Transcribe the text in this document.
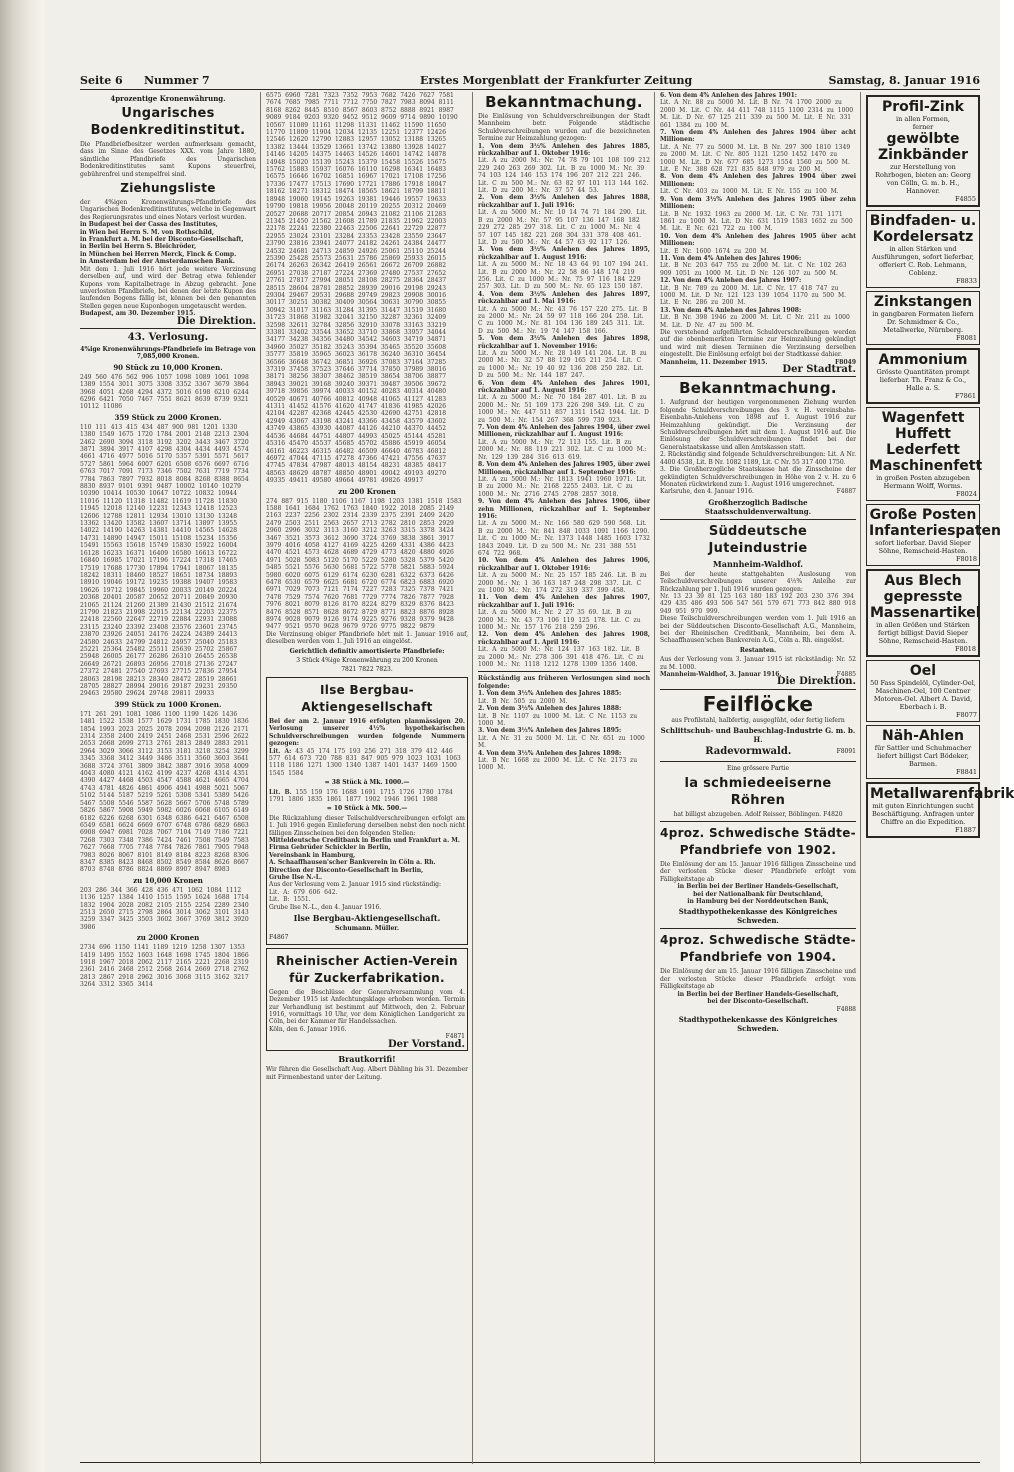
Seite 6 Nummer 7	Erstes Morgenblatt der Frankfurter Zeitung	Samstag, 8. Januar 1916
4prozentige Kronenwährung.
Ungarisches Bodenkreditinstitut.

Die Pfandbriefbesitzer werden aufmerksam gemacht, dass im Sinne des Gesetzes XXX. vom Jahre 1880, sämtliche Pfandbriefe des Ungarischen Bodenkreditinstitutes samt Kupons steuerfrei, gebührenfrei und stempelfrei sind.

Ziehungsliste

der 4%igen Kronenwährungs-Pfandbriefe des Ungarischen Bodenkreditinstitutes, welche in Gegenwart des Regierungsrates und eines Notars verlost wurden.

in Budapest bei der Cassa des Institutes,

in Wien bei Herrn S. M. von Rothschild,

in Frankfurt a. M. bei der Disconto-Gesellschaft,

in Berlin bei Herrn S. Bleichröder,

in München bei Herren Merck, Finck & Comp.

in Amsterdam bei der Amsterdamschen Bank.

Mit dem 1. Juli 1916 hört jede weitere Verzinsung derselben auf, und wird der Betrag etwa fehlender Kupons vom Kapitalbetrage in Abzug gebracht. Jene unverlosten Pfandbriefe, bei denen der letzte Kupon des laufenden Bogens fällig ist, können bei den genannten Stellen gegen neue Kuponbogen umgetauscht werden.

Budapest, am 30. Dezember 1915.

Die Direktion.
43. Verlosung.
4%ige Kronenwährungs-Pfandbriefe im Betrage von 7,085,000 Kronen.
90 Stück zu 10,000 Kronen.

249 560 476 562 996 1057 1098 1089 1061 1098 1389 1554 3011 3075 3308 3352 3367 3679 3864 3968 4051 4268 4294 4372 5016 6198 6210 6244 6296 6421 7050 7467 7551 8621 8639 8739 9321 10112 11086

359 Stück zu 2000 Kronen.

110 111 413 415 434 487 900 981 1201 1330 1380 1549 1675 1720 1784 2001 2148 2213 2304 2462 2690 3094 3118 3192 3202 3443 3467 3720 3871 3894 3917 4107 4298 4304 4434 4493 4574 4661 4716 4977 5016 5170 5357 5391 5571 5617 5727 5861 5964 6007 6201 6508 6576 6697 6716 6763 7017 7091 7173 7346 7502 7631 7719 7734 7784 7863 7897 7932 8018 8084 8268 8388 8654 8830 8937 9101 9391 9487 10002 10140 10279 10390 10414 10530 10647 10722 10832 10944 11016 11120 11318 11482 11619 11728 11830 11945 12018 12140 12231 12343 12418 12523 12606 12788 12811 12934 13010 13130 13248 13362 13420 13582 13607 13714 13897 13955 14022 14190 14263 14381 14410 14565 14628 14731 14890 14947 15011 15108 15234 15356 15491 15563 15618 15749 15830 15922 16004 16128 16233 16371 16409 16580 16613 16722 16840 16985 17021 17196 17224 17318 17465 17519 17688 17730 17894 17941 18067 18135 18242 18311 18460 18527 18651 18734 18893 18910 19046 19172 19235 19388 19407 19583 19626 19712 19845 19960 20033 20149 20224 20368 20401 20587 20652 20711 20849 20930 21065 21124 21260 21389 21430 21512 21674 21790 21823 21998 22015 22134 22203 22375 22418 22560 22647 22719 22884 22931 23088 23115 23240 23392 23408 23576 23601 23745 23870 23926 24051 24176 24224 24389 24413 24580 24633 24799 24812 24957 25040 25183 25221 25364 25482 25511 25639 25702 25867 25948 26005 26177 26286 26310 26455 26538 26649 26721 26893 26956 27018 27136 27247 27372 27481 27540 27693 27715 27836 27954 28063 28198 28213 28340 28472 28519 28661 28705 28827 28994 29016 29187 29231 29350 29463 29580 29624 29748 29811 29933

399 Stück zu 1000 Kronen.

171 261 291 1081 1086 1100 1199 1426 1436 1481 1522 1538 1577 1629 1731 1785 1830 1836 1854 1993 2023 2025 2078 2094 2098 2126 2171 2314 2358 2400 2419 2451 2468 2531 2596 2622 2653 2668 2699 2713 2761 2813 2849 2883 2911 2964 3029 3066 3112 3153 3181 3218 3254 3299 3345 3368 3412 3449 3486 3511 3560 3603 3641 3688 3724 3761 3809 3842 3887 3916 3958 4009 4043 4080 4121 4162 4199 4237 4268 4314 4351 4390 4427 4468 4503 4547 4588 4621 4665 4704 4743 4781 4826 4861 4906 4941 4988 5021 5067 5102 5144 5187 5219 5261 5308 5341 5389 5426 5467 5508 5546 5587 5628 5667 5706 5748 5789 5826 5867 5908 5949 5982 6026 6068 6105 6149 6182 6226 6268 6301 6348 6386 6421 6467 6508 6549 6581 6624 6669 6707 6748 6786 6829 6863 6908 6947 6981 7028 7067 7104 7149 7186 7221 7268 7303 7348 7386 7424 7461 7508 7549 7583 7627 7668 7705 7748 7784 7826 7861 7905 7948 7983 8026 8067 8101 8149 8184 8223 8268 8306 8347 8385 8423 8468 8502 8549 8584 8626 8667 8703 8748 8786 8824 8869 8907 8947 8983

zu 10,000 Kronen

203 286 344 366 428 436 471 1062 1084 1112 1136 1257 1384 1410 1515 1595 1624 1688 1714 1832 1904 2028 2082 2105 2155 2254 2289 2340 2513 2650 2715 2798 2864 3014 3062 3101 3143 3259 3347 3425 3503 3602 3667 3769 3812 3920 3986

zu 2000 Kronen

2734 696 1150 1141 1189 1219 1258 1307 1353 1419 1495 1552 1603 1648 1698 1745 1804 1866 1918 1967 2018 2062 2117 2165 2221 2268 2319 2361 2416 2468 2512 2568 2614 2669 2718 2762 2813 2867 2918 2962 3016 3068 3115 3162 3217 3264 3312 3365 3414

6575 6960 7281 7323 7352 7953 7682 7426 7627 7581 7674 7685 7985 7711 7712 7750 7827 7983 8094 8111 8168 8262 8445 8510 8567 8603 8752 8888 8921 8987 9089 9184 9203 9320 9452 9512 9609 9714 9890 10190 10567 11089 11161 11298 11331 11462 11590 11650 11770 11809 11904 12034 12135 12251 12377 12426 12546 12620 12790 12883 12957 13052 13188 13265 13382 13444 13529 13661 13742 13880 13928 14027 14146 14205 14375 14463 14526 14601 14742 14878 14948 15020 15139 15243 15379 15458 15526 15675 15762 15883 15937 16076 16110 16298 16341 16483 16575 16646 16702 16851 16967 17021 17108 17256 17336 17477 17513 17690 17721 17886 17918 18047 18162 18271 18312 18474 18565 18621 18799 18811 18948 19060 19145 19263 19381 19446 19557 19633 19790 19818 19956 20048 20119 20255 20312 20469 20527 20688 20717 20854 20943 21082 21106 21283 21345 21450 21562 21608 21789 21835 21962 22003 22178 22241 22380 22463 22506 22641 22729 22877 22955 23024 23101 23284 23353 23428 23559 23647 23790 23816 23941 24077 24182 24261 24384 24477 24532 24681 24713 24859 24926 25061 25110 25244 25390 25428 25573 25631 25786 25869 25933 26015 26174 26263 26342 26419 26561 26672 26709 26882 26951 27038 27187 27224 27369 27480 27537 27652 27761 27817 27994 28051 28108 28275 28364 28437 28515 28604 28781 28852 28939 29016 29198 29243 29304 29467 29531 29688 29749 29823 29908 30016 30117 30251 30382 30409 30564 30631 30790 30855 30942 31017 31163 31284 31395 31447 31519 31680 31723 31868 31982 32041 32150 32287 32361 32409 32598 32611 32784 32856 32910 33078 33163 33219 33381 33402 33544 33652 33710 33868 33957 34044 34177 34238 34356 34480 34542 34603 34719 34871 34960 35027 35182 35243 35394 35465 35520 35608 35777 35819 35965 36023 36178 36240 36310 36454 36566 36648 36742 36851 36926 37083 37164 37285 37319 37458 37523 37646 37714 37850 37989 38016 38171 38256 38307 38462 38519 38654 38706 38877 38943 39021 39168 39240 39371 39487 39506 39672 39718 39856 39974 40033 40152 40283 40314 40480 40529 40671 40766 40812 40948 41065 41127 41283 41311 41452 41576 41620 41747 41836 41985 42026 42104 42287 42368 42445 42530 42690 42751 42818 42949 43067 43198 43241 43366 43458 43579 43602 43749 43865 43930 44087 44126 44210 44370 44452 44536 44684 44751 44807 44993 45025 45144 45281 45316 45470 45537 45685 45702 45886 45919 46054 46161 46223 46315 46482 46509 46640 46783 46812 46972 47044 47115 47278 47366 47421 47556 47637 47745 47834 47987 48013 48154 48231 48385 48417 48563 48629 48787 48850 48901 49042 49193 49270 49335 49411 49580 49664 49781 49826 49917

zu 200 Kronen

274 887 915 1180 1106 1167 1198 1203 1381 1518 1583 1588 1641 1684 1762 1763 1840 1922 2018 2085 2149 2163 2237 2256 2302 2314 2339 2375 2391 2409 2420 2479 2503 2511 2563 2657 2713 2782 2810 2853 2929 2960 2996 3032 3113 3160 3212 3263 3315 3378 3424 3467 3521 3573 3612 3690 3724 3769 3838 3861 3917 3979 4016 4058 4127 4169 4225 4269 4331 4386 4423 4470 4521 4573 4628 4689 4729 4773 4820 4880 4926 4971 5028 5083 5120 5170 5229 5280 5328 5379 5420 5485 5521 5576 5630 5681 5722 5778 5821 5883 5924 5980 6020 6075 6129 6174 6230 6281 6322 6373 6426 6478 6530 6579 6625 6681 6720 6774 6823 6883 6920 6971 7029 7073 7121 7174 7227 7283 7325 7378 7421 7478 7529 7574 7620 7681 7729 7774 7826 7877 7928 7976 8021 8079 8126 8170 8224 8279 8329 8376 8423 8476 8528 8571 8628 8672 8729 8771 8823 8876 8928 8974 9028 9079 9126 9174 9225 9276 9328 9379 9428 9477 9521 9570 9628 9679 9726 9775 9822 9879

Die Verzinsung obiger Pfandbriefe hört mit 1. Januar 1916 auf, dieselben werden vom 1. Juli 1916 an eingelöst.

Gerichtlich definitiv amortisierte Pfandbriefe:
3 Stück 4%ige Kronenwährung zu 200 Kronen
7821 7822 7823.
Ilse Bergbau-Aktiengesellschaft

Bei der am 2. Januar 1916 erfolgten planmässigen 20. Verlosung unserer 4½% hypothekarischen Schuldverschreibungen wurden folgende Nummern gezogen:

Lit. A: 43 45 174 175 193 256 271 318 379 412 446 577 614 673 720 788 831 847 905 979 1023 1031 1063 1118 1186 1271 1300 1340 1387 1401 1437 1469 1500 1545 1584

= 38 Stück à Mk. 1000.—

Lit. B. 155 159 176 1688 1691 1715 1726 1780 1784 1791 1806 1835 1861 1877 1902 1946 1961 1988

= 10 Stück à Mk. 500.—

Die Rückzahlung dieser Teilschuldverschreibungen erfolgt am 1. Juli 1916 gegen Einlieferung derselben nebst den noch nicht fälligen Zinsscheinen bei den folgenden Stellen:

Mitteldeutsche Creditbank in Berlin und Frankfurt a. M.

Firma Gebrüder Schickler in Berlin,

Vereinsbank in Hamburg,

A. Schaaffhausen'scher Bankverein in Cöln a. Rh.

Direction der Disconto-Gesellschaft in Berlin,

Grube Ilse N.-L.

Aus der Verlosung vom 2. Januar 1915 sind rückständig:

Lit. A: 679 606 642.

Lit. B: 1551.

Grube Ilse N.-L., den 4. Januar 1916.

Ilse Bergbau-Aktiengesellschaft.
Schumann. Müller.
F4867
Rheinischer Actien-Verein für Zuckerfabrikation.

Gegen die Beschlüsse der Generalversammlung vom 4. Dezember 1915 ist Anfechtungsklage erhoben worden. Termin zur Verhandlung ist bestimmt auf Mittwoch, den 2. Februar 1916, vormittags 10 Uhr, vor dem Königlichen Landgericht zu Cöln, bei der Kammer für Handelssachen.

Köln, den 6. Januar 1916.

F4871
Der Vorstand.
Brautkorrifi!

Wir führen die Gesellschaft Aug. Albert Dähling bis 31. Dezember mit Firmenbestand unter der Leitung.

Bekanntmachung.

Die Einlösung von Schuldverschreibungen der Stadt Mannheim betr. Folgende städtische Schuldverschreibungen wurden auf die bezeichneten Termine zur Heimzahlung gezogen:

1. Von dem 3½% Anlehen des Jahres 1885, rückzahlbar auf 1. Oktober 1916:

Lit. A zu 2000 M.: Nr. 74 78 79 101 108 109 212 229 240 263 269 302. Lit. B zu 1000 M.: Nr. 39 74 103 124 146 153 174 196 207 212 221 246. Lit. C zu 500 M.: Nr. 63 82 97 101 113 144 162. Lit. D zu 200 M.: Nr. 37 57 44 53.

2. Von dem 3½% Anlehen des Jahres 1888, rückzahlbar auf 1. Juli 1916:

Lit. A zu 5000 M.: Nr. 10 14 74 71 184 290. Lit. B zu 2000 M.: Nr. 57 95 107 136 147 168 182 229 272 285 297 318. Lit. C zu 1000 M.: Nr. 4 57 107 145 182 221 268 304 331 378 408 461. Lit. D zu 500 M.: Nr. 44 57 63 92 117 126.

3. Von dem 3½% Anlehen des Jahres 1895, rückzahlbar auf 1. August 1916:

Lit. A zu 5000 M.: Nr. 18 43 64 91 107 194 241. Lit. B zu 2000 M.: Nr. 22 58 86 148 174 219 256. Lit. C zu 1000 M.: Nr. 75 97 116 184 229 257 303. Lit. D zu 500 M.: Nr. 65 123 150 187.

4. Von dem 3½% Anlehen des Jahres 1897, rückzahlbar auf 1. Mai 1916:

Lit. A zu 5000 M.: Nr. 43 76 157 220 275. Lit. B zu 2000 M.: Nr. 24 59 97 118 166 204 258. Lit. C zu 1000 M.: Nr. 81 104 136 189 245 311. Lit. D zu 500 M.: Nr. 19 74 147 158 166.

5. Von dem 3½% Anlehen des Jahres 1898, rückzahlbar auf 1. November 1916:

Lit. A zu 5000 M.: Nr. 28 149 141 204. Lit. B zu 2000 M.: Nr. 32 57 88 129 165 211 254. Lit. C zu 1000 M.: Nr. 19 40 92 136 208 250 282. Lit. D zu 500 M.: Nr. 144 187 247.

6. Von dem 4% Anlehen des Jahres 1901, rückzahlbar auf 1. August 1916:

Lit. A zu 5000 M.: Nr. 70 184 287 401. Lit. B zu 2000 M.: Nr. 51 109 173 226 298 349. Lit. C zu 1000 M.: Nr. 447 511 857 1311 1542 1944. Lit. D zu 500 M.: Nr. 154 267 368 599 739 923.

7. Von dem 4% Anlehen des Jahres 1904, über zwei Millionen, rückzahlbar auf 1. August 1916:

Lit. A zu 5000 M.: Nr. 72 113 155. Lit. B zu 2000 M.: Nr. 88 119 221 302. Lit. C zu 1000 M.: Nr. 129 139 284 316 613 619.

8. Von dem 4% Anlehen des Jahres 1905, über zwei Millionen, rückzahlbar auf 1. September 1916:

Lit. A zu 5000 M.: Nr. 1813 1941 1960 1971. Lit. B zu 2000 M.: Nr. 2168 2255 2403. Lit. C zu 1000 M.: Nr. 2716 2745 2798 2857 3018.

9. Von dem 4% Anlehen des Jahres 1906, über zehn Millionen, rückzahlbar auf 1. September 1916:

Lit. A zu 5000 M.: Nr. 166 580 629 590 568. Lit. B zu 2000 M.: Nr. 841 848 1033 1091 1166 1290. Lit. C zu 1000 M.: Nr. 1373 1448 1485 1603 1732 1843 2049. Lit. D zu 500 M.: Nr. 231 388 551 674 722 968.

10. Von dem 4% Anlehen des Jahres 1906, rückzahlbar auf 1. Oktober 1916:

Lit. A zu 5000 M.: Nr. 25 157 185 246. Lit. B zu 2000 M.: Nr. 1 36 163 187 248 298 337. Lit. C zu 1000 M.: Nr. 174 272 319 337 399 458.

11. Von dem 4% Anlehen des Jahres 1907, rückzahlbar auf 1. Juli 1916:

Lit. A zu 5000 M.: Nr. 2 27 35 69. Lit. B zu 2000 M.: Nr. 43 73 106 119 125 178. Lit. C zu 1000 M.: Nr. 157 176 218 259 296.

12. Von dem 4% Anlehen des Jahres 1908, rückzahlbar auf 1. April 1916:

Lit. A zu 5000 M.: Nr. 124 137 163 182. Lit. B zu 2000 M.: Nr. 278 306 391 418 476. Lit. C zu 1000 M.: Nr. 1118 1212 1278 1309 1356 1408.

Rückständig aus früheren Verlosungen sind noch folgende:

1. Von dem 3½% Anlehen des Jahres 1885:

Lit. B Nr. 505 zu 2000 M.

2. Von dem 3½% Anlehen des Jahres 1888:

Lit. B Nr. 1107 zu 1000 M. Lit. C Nr. 1153 zu 1000 M.

3. Von dem 3½% Anlehen des Jahres 1895:

Lit. A Nr. 31 zu 5000 M. Lit. C Nr. 651 zu 1000 M.

4. Von dem 3½% Anlehen des Jahres 1898:

Lit. B Nr. 1668 zu 2000 M. Lit. C Nr. 2173 zu 1000 M.

6. Von dem 4% Anlehen des Jahres 1901:

Lit. A Nr. 88 zu 5000 M. Lit. B Nr. 74 1700 2000 zu 2000 M. Lit. C Nr. 44 411 748 1115 1100 2314 zu 1000 M. Lit. D Nr. 67 125 211 339 zu 500 M. Lit. E Nr. 331 661 1384 zu 100 M.

7. Von dem 4% Anlehen des Jahres 1904 über acht Millionen:

Lit. A Nr. 77 zu 5000 M. Lit. B Nr. 297 300 1810 1349 zu 2000 M. Lit. C Nr. 805 1121 1250 1452 1470 zu 1000 M. Lit. D Nr. 677 685 1273 1554 1560 zu 500 M. Lit. E Nr. 388 628 721 835 848 979 zu 200 M.

8. Von dem 4% Anlehen des Jahres 1904 über zwei Millionen:

Lit. C Nr. 403 zu 1000 M. Lit. E Nr. 155 zu 100 M.

9. Von dem 3½% Anlehen des Jahres 1905 über zehn Millionen:

Lit. B Nr. 1932 1963 zu 2000 M. Lit. C Nr. 731 1171 1861 zu 1000 M. Lit. D Nr. 631 1519 1583 1652 zu 500 M. Lit. E Nr. 621 722 zu 100 M.

10. Von dem 4% Anlehen des Jahres 1905 über acht Millionen:

Lit. E Nr. 1600 1674 zu 200 M.

11. Von dem 4% Anlehen des Jahres 1906:

Lit. B Nr. 203 647 755 zu 2000 M. Lit. C Nr. 102 263 909 1051 zu 1000 M. Lit. D Nr. 126 107 zu 500 M.

12. Von dem 4% Anlehen des Jahres 1907:

Lit. B Nr. 789 zu 2000 M. Lit. C Nr. 17 418 747 zu 1000 M. Lit. D Nr. 121 123 139 1054 1170 zu 500 M. Lit. E Nr. 286 zu 200 M.

13. Von dem 4% Anlehen des Jahres 1908:

Lit. B Nr. 398 1946 zu 2000 M. Lit. C Nr. 211 zu 1000 M. Lit. D Nr. 47 zu 500 M.

Die vorstehend aufgeführten Schuldverschreibungen werden auf die obenbemerkten Termine zur Heimzahlung gekündigt und wird mit diesen Terminen die Verzinsung derselben eingestellt. Die Einlösung erfolgt bei der Stadtkasse dahier.

Mannheim, 11. Dezember 1915.	F8049

Der Stadtrat.
Bekanntmachung.

1. Aufgrund der heutigen vorgenommenen Ziehung wurden folgende Schuldverschreibungen des 3 v. H. vereinsbahn-Eisenbahn-Anlehens von 1898 auf 1. August 1916 zur Heimzahlung gekündigt. Die Verzinsung der Schuldverschreibungen hört mit dem 1. August 1916 auf. Die Einlösung der Schuldverschreibungen findet bei der Generalstaatskasse und allen Amtskassen statt.

2. Rückständig sind folgende Schuldverschreibungen: Lit. A Nr. 4400 4538, Lit. B Nr. 1082 1189, Lit. C Nr. 55 317 400 1750.

3. Die Großherzogliche Staatskasse hat die Zinsscheine der gekündigten Schuldverschreibungen in Höhe von 2 v. H. zu 6 Monaten rückwirkend zum 1. August 1916 umgerechnet.

Karlsruhe, den 4. Januar 1916.	F4887

Großherzoglich Badische Staatsschuldenverwaltung.
Süddeutsche Juteindustrie
Mannheim-Waldhof.

Bei der heute stattgehabten Auslosung von Teilschuldverschreibungen unserer 4½% Anleihe zur Rückzahlung per 1. Juli 1916 wurden gezogen:

Nr. 13 23 39 81 125 163 180 183 192 203 230 376 394 429 435 486 493 506 547 561 579 671 773 842 880 918 949 951 970 999.

Diese Teilschuldverschreibungen werden vom 1. Juli 1916 an bei der Süddeutschen Disconto-Gesellschaft A.G., Mannheim, bei der Rheinischen Creditbank, Mannheim, bei dem A. Schaaffhausen'schen Bankverein A.G., Cöln a. Rh. eingelöst.

Restanten.

Aus der Verlosung vom 3. Januar 1915 ist rückständig: Nr. 52 zu M. 1000.

Mannheim-Waldhof, 3. Januar 1916.	F4885

Die Direktion.
Feilflöcke

aus Profilstahl, halbfertig, ausgeglüht, oder fertig liefern

Schlittschuh- und Baubeschlag-Industrie G. m. b. H.
Radevormwald.	F8091
Eine grössere Partie
la schmiedeeiserne Röhren

hat billigst abzugeben. Adolf Reisser, Böblingen. F4820

4proz. Schwedische Städte-Pfandbriefe von 1902.

Die Einlösung der am 15. Januar 1916 fälligen Zinsscheine und der verlosten Stücke dieser Pfandbriefe erfolgt vom Fälligkeitstage ab

in Berlin bei der Berliner Handels-Gesellschaft,

bei der Nationalbank für Deutschland,

in Hamburg bei der Norddeutschen Bank,

Stadthypothekenkasse des Königreiches Schweden.
4proz. Schwedische Städte-Pfandbriefe von 1904.

Die Einlösung der am 15. Januar 1916 fälligen Zinsscheine und der verlosten Stücke dieser Pfandbriefe erfolgt vom Fälligkeitstage ab

in Berlin bei der Berliner Handels-Gesellschaft,

bei der Disconto-Gesellschaft.

F4888
Stadthypothekenkasse des Königreiches Schweden.
Profil-Zink
in allen Formen,
ferner
gewölbte Zinkbänder
zur Herstellung von Rohrbogen, bieten an: Georg von Cölln, G. m. b. H., Hannover.
F4855
Bindfaden- u. Kordelersatz
in allen Stärken und Ausführungen, sofort lieferbar, offeriert C. Rob. Lehmann, Coblenz.
F8833
Zinkstangen
in gangbaren Formaten liefern Dr. Schmidmer & Co., Metallwerke, Nürnberg.
F8081
Ammonium
Grösste Quantitäten prompt lieferbar. Th. Franz & Co., Halle a. S.
F7861
Wagenfett Huffett Lederfett Maschinenfett
in großen Posten abzugeben Hermann Wolff, Worms.
F8024
Große Posten Infanteriespaten
sofort lieferbar. David Sieper Söhne, Remscheid-Hasten.
F8018
Aus Blech gepresste Massenartikel
in allen Größen und Stärken fertigt billigst David Sieper Söhne, Remscheid-Hasten.
F8018
Oel
50 Fass Spindelöl, Cylinder-Oel, Maschinen-Oel, 100 Centner Motoren-Oel. Albert A. David, Eberbach i. B.
F8077
Näh-Ahlen
für Sattler und Schuhmacher liefert billigst Carl Bödeker, Barmen.
F8841
Metallwarenfabrik
mit guten Einrichtungen sucht Beschäftigung. Anfragen unter Chiffre an die Expedition.
F1887
